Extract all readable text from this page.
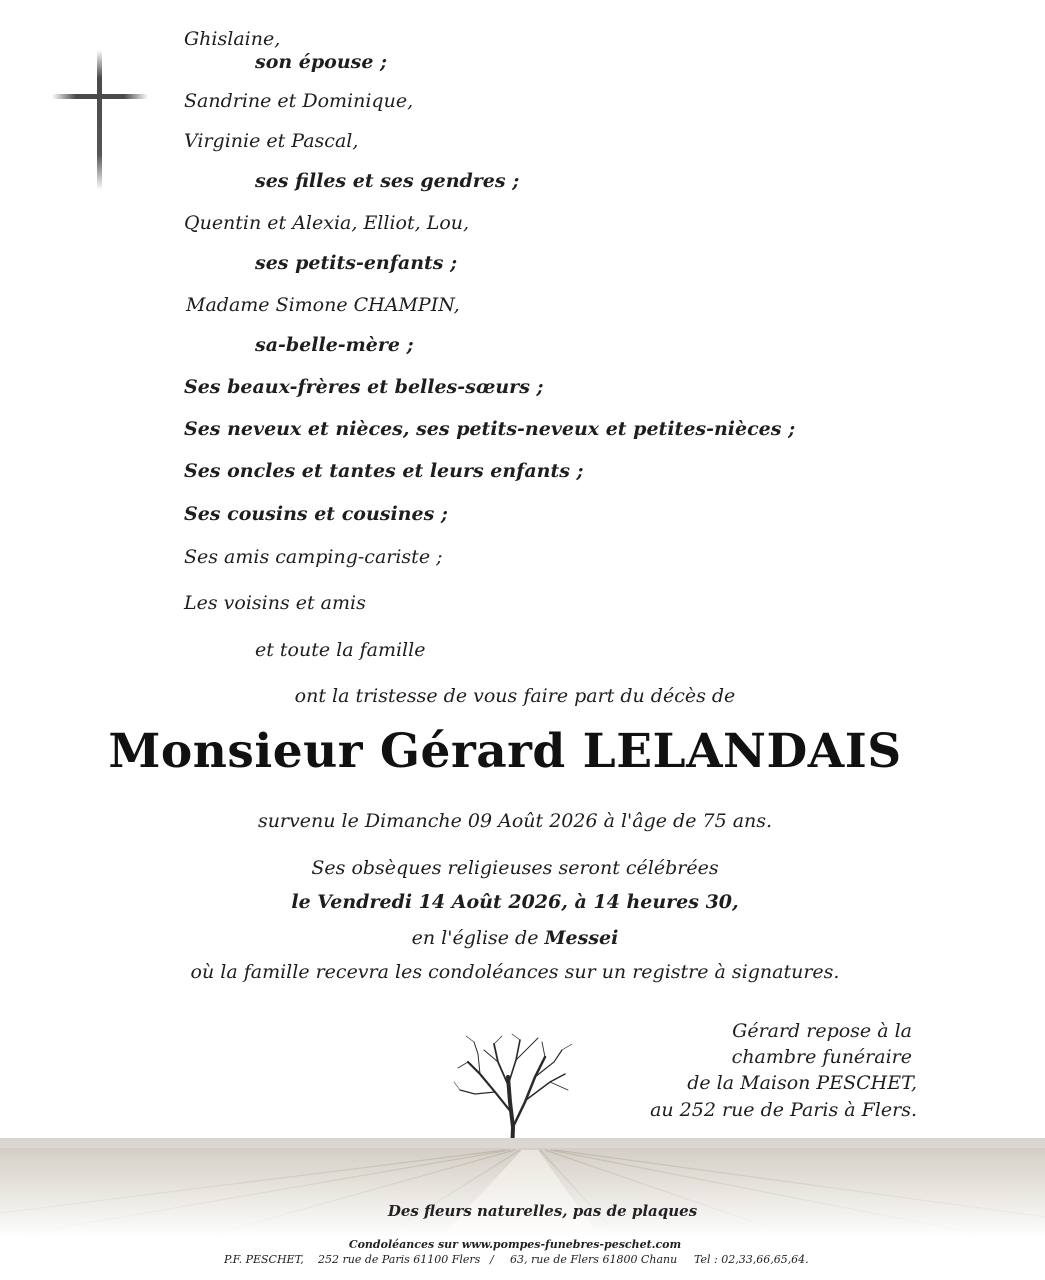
Ghislaine,
son épouse ;
Sandrine et Dominique,
Virginie et Pascal,
ses filles et ses gendres ;
Quentin et Alexia, Elliot, Lou,
ses petits-enfants ;
Madame Simone CHAMPIN,
sa-belle-mère ;
Ses beaux-frères et belles-sœurs ;
Ses neveux et nièces, ses petits-neveux et petites-nièces ;
Ses oncles et tantes et leurs enfants ;
Ses cousins et cousines ;
Ses amis camping-cariste ;
Les voisins et amis
et toute la famille
ont la tristesse de vous faire part du décès de
Monsieur Gérard LELANDAIS
survenu le Dimanche 09 Août 2026 à l'âge de 75 ans.
Ses obsèques religieuses seront célébrées
le Vendredi 14 Août 2026, à 14 heures 30,
en l'église de Messei
où la famille recevra les condoléances sur un registre à signatures.
Gérard repose à la
chambre funéraire
de la Maison PESCHET,
au 252 rue de Paris à Flers.
Des fleurs naturelles, pas de plaques
Condoléances sur www.pompes-funebres-peschet.com
P.F. PESCHET, 252 rue de Paris 61100 Flers / 63, rue de Flers 61800 Chanu Tel : 02,33,66,65,64.
